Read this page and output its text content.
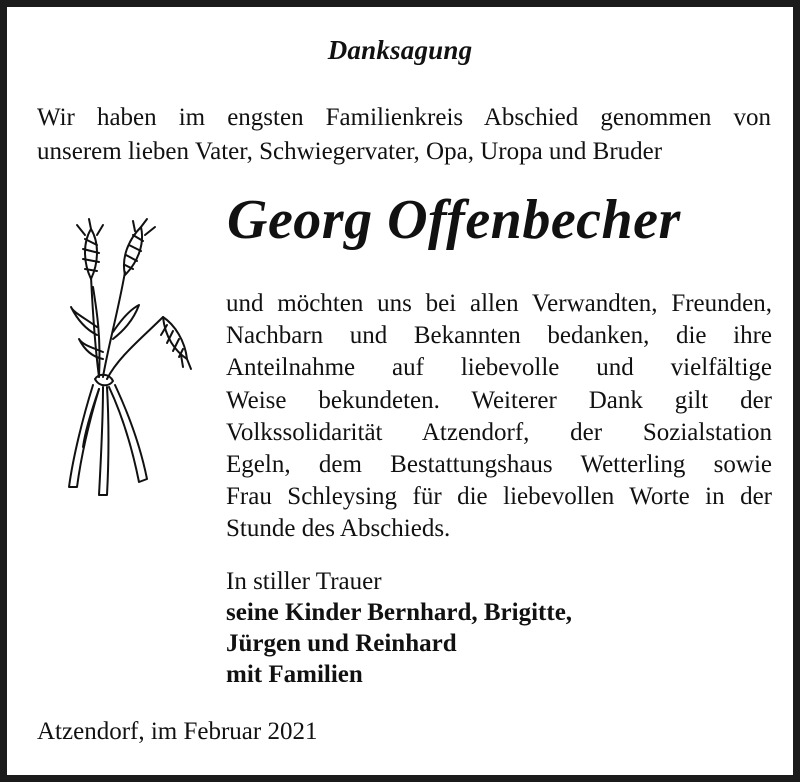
Danksagung
Wir haben im engsten Familienkreis Abschied genommen von
unserem lieben Vater, Schwiegervater, Opa, Uropa und Bruder
Georg Offenbecher
und möchten uns bei allen Verwandten, Freunden,
Nachbarn und Bekannten bedanken, die ihre
Anteilnahme auf liebevolle und vielfältige
Weise bekundeten. Weiterer Dank gilt der
Volkssolidarität Atzendorf, der Sozialstation
Egeln, dem Bestattungshaus Wetterling sowie
Frau Schleysing für die liebevollen Worte in der
Stunde des Abschieds.
In stiller Trauer
seine Kinder Bernhard, Brigitte,
Jürgen und Reinhard
mit Familien
Atzendorf, im Februar 2021
